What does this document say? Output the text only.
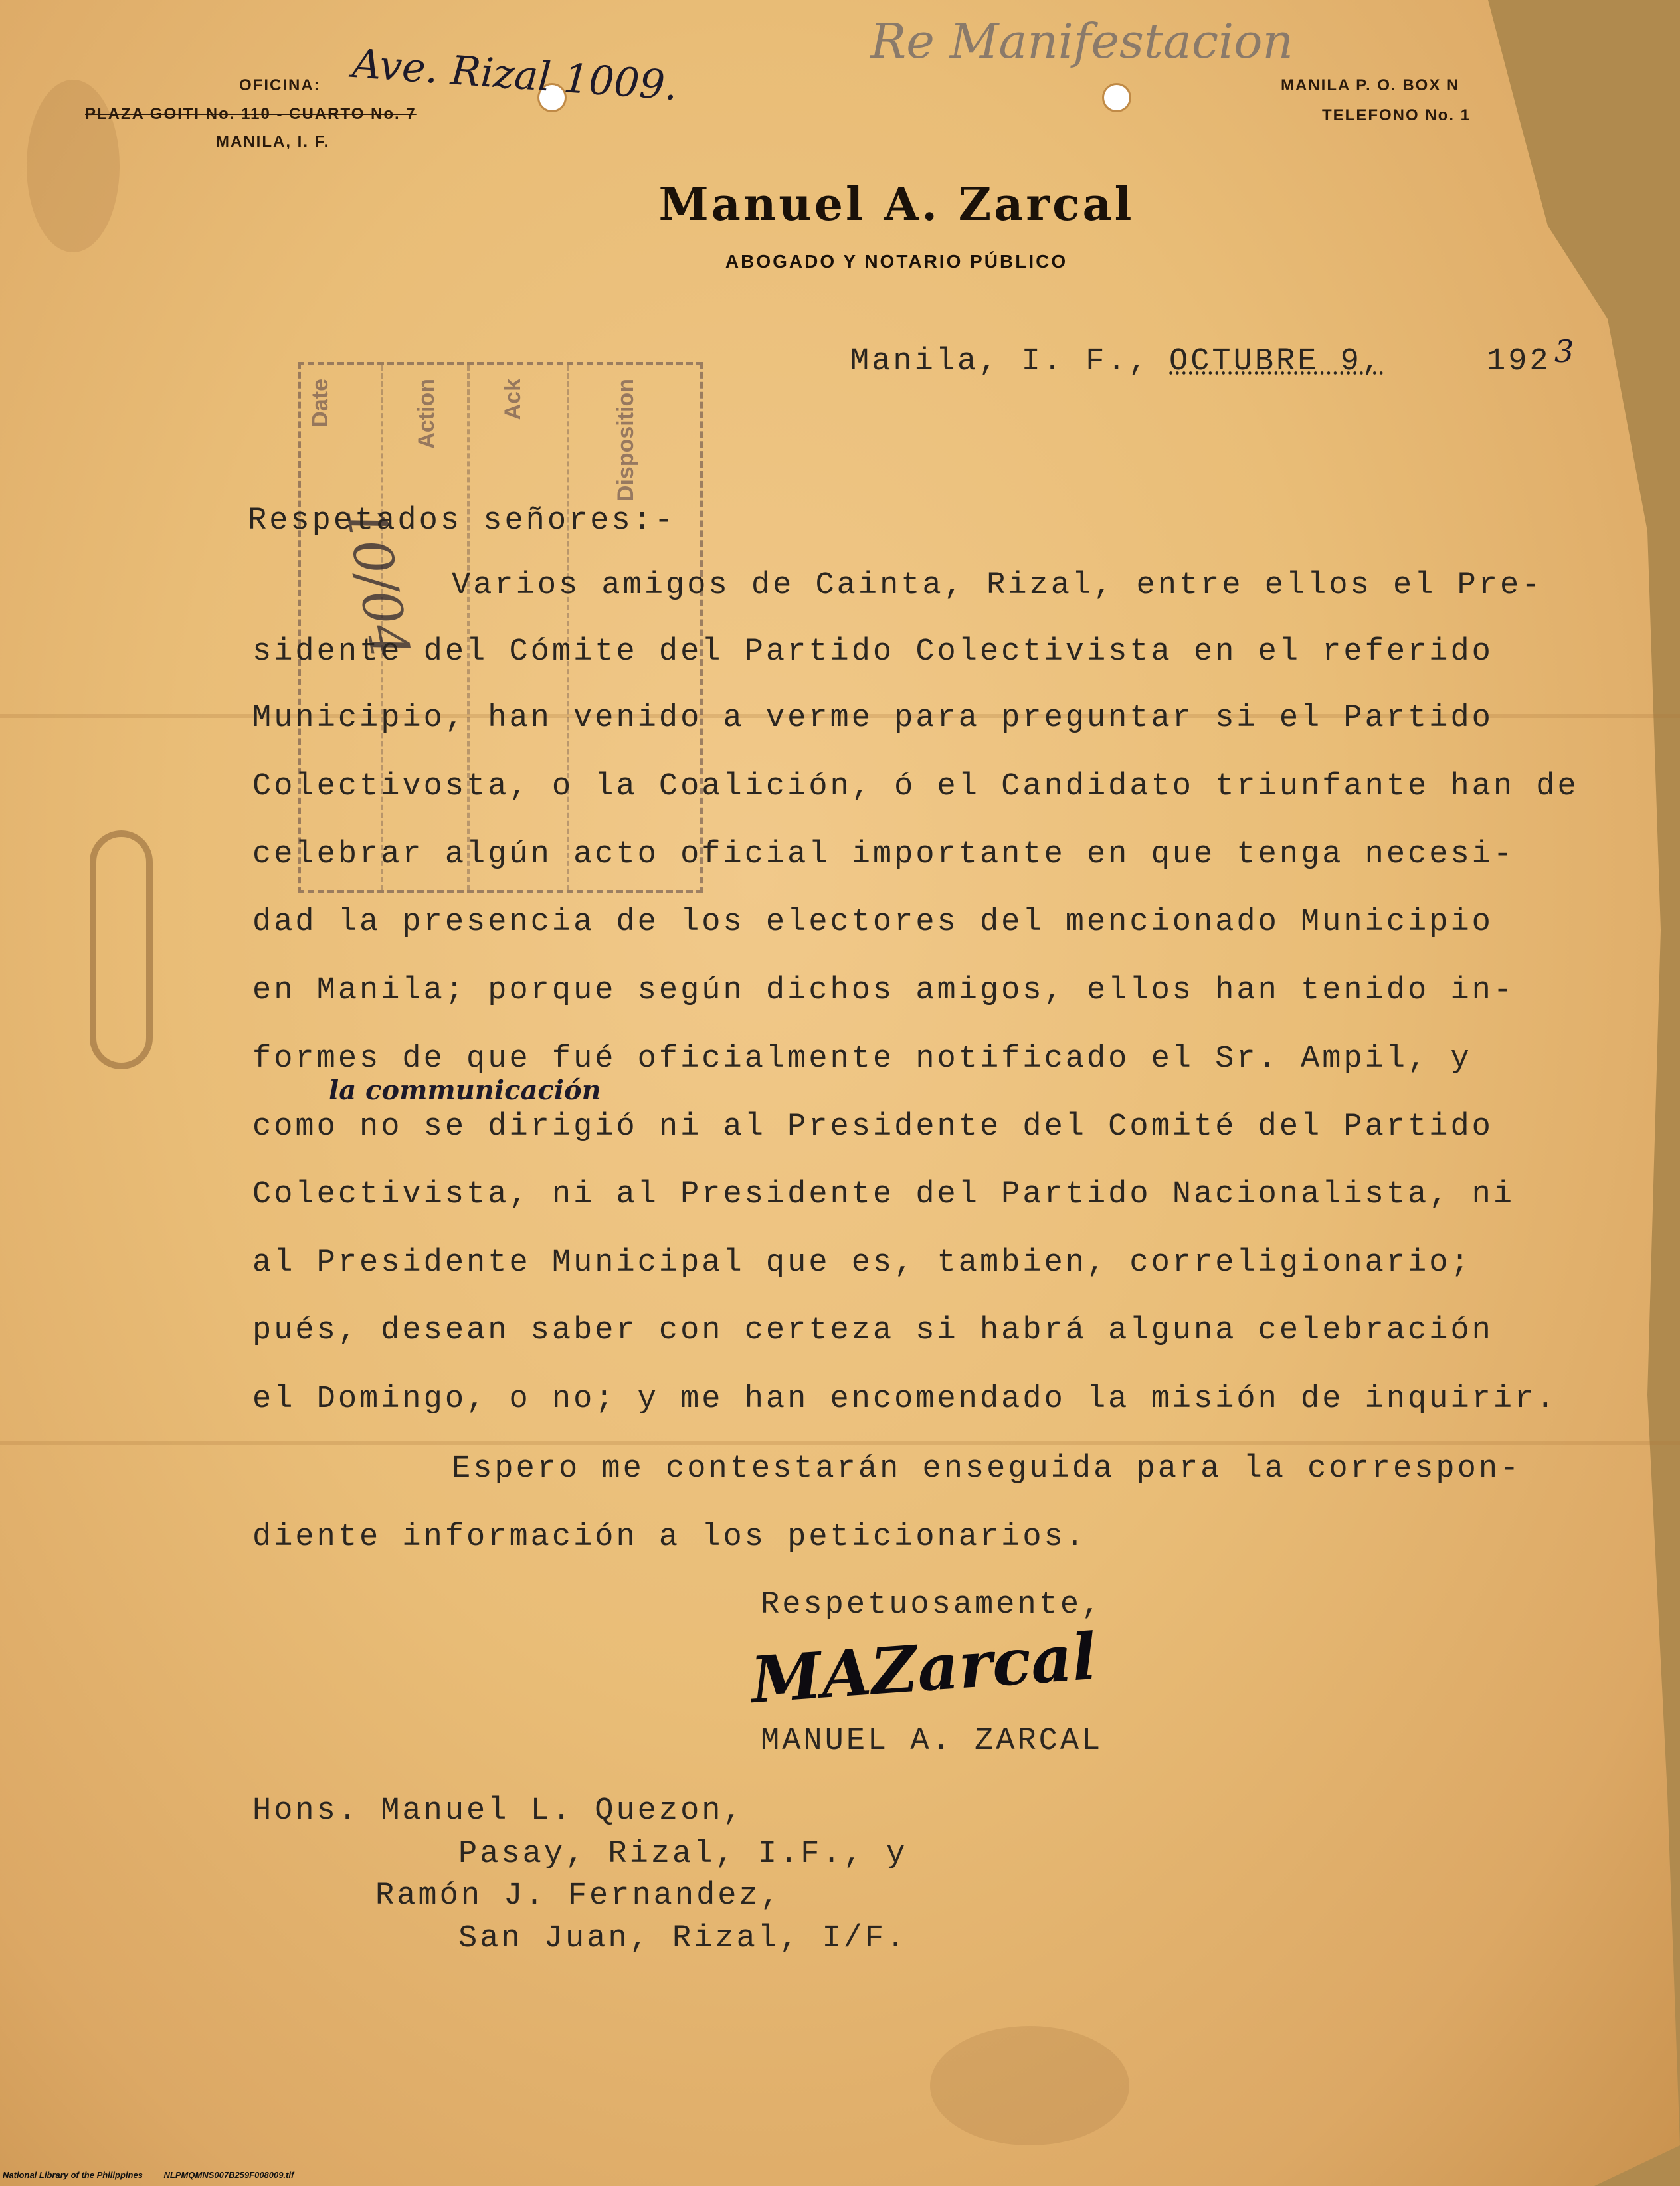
OFICINA: Ave. Rizal 1009.
PLAZA GOITI No. 110 - CUARTO No. 7
MANILA, I. F.
Re Manifestacion
MANILA P. O. BOX N
TELEFONO No. 1
Manuel A. Zarcal
ABOGADO Y NOTARIO PÚBLICO
Manila, I. F., OCTUBRE 9,	192 3
Date	Action	Ack	Disposition
10/04
Respetados señores:-
Varios amigos de Cainta, Rizal, entre ellos el Pre-
sidente del Cómite del Partido Colectivista en el referido
Municipio, han venido a verme para preguntar si el Partido
Colectivosta, o la Coalición, ó el Candidato triunfante han de
celebrar algún acto oficial importante en que tenga necesi-
dad la presencia de los electores del mencionado Municipio
en Manila; porque según dichos amigos, ellos han tenido in-
formes de que fué oficialmente notificado el Sr. Ampil, y
la communicación
como no se dirigió ni al Presidente del Comité del Partido
Colectivista, ni al Presidente del Partido Nacionalista, ni
al Presidente Municipal que es, tambien, correligionario;
pués, desean saber con certeza si habrá alguna celebración
el Domingo, o no; y me han encomendado la misión de inquirir.
Espero me contestarán enseguida para la correspon-
diente información a los peticionarios.
Respetuosamente,
MAZarcal
MANUEL A. ZARCAL
Hons. Manuel L. Quezon,
Pasay, Rizal, I.F., y
Ramón J. Fernandez,
San Juan, Rizal, I/F.
National Library of the Philippines NLPMQMNS007B259F008009.tif
